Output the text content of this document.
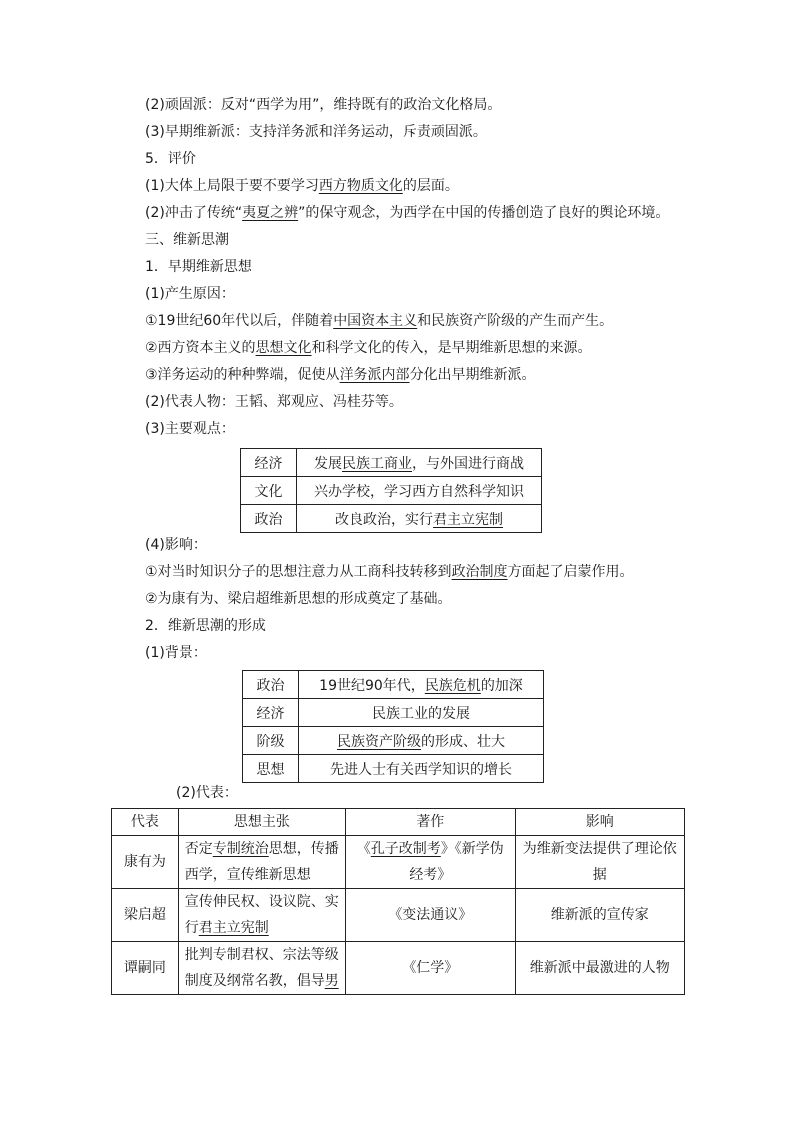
(2)顽固派：反对“西学为用”，维持既有的政治文化格局。
(3)早期维新派：支持洋务派和洋务运动，斥责顽固派。
5．评价
(1)大体上局限于要不要学习西方物质文化的层面。
(2)冲击了传统“夷夏之辨”的保守观念，为西学在中国的传播创造了良好的舆论环境。
三、维新思潮
1．早期维新思想
(1)产生原因：
①19世纪60年代以后，伴随着中国资本主义和民族资产阶级的产生而产生。
②西方资本主义的思想文化和科学文化的传入，是早期维新思想的来源。
③洋务运动的种种弊端，促使从洋务派内部分化出早期维新派。
(2)代表人物：王韬、郑观应、冯桂芬等。
(3)主要观点：
经济	发展民族工商业，与外国进行商战
文化	兴办学校，学习西方自然科学知识
政治	改良政治，实行君主立宪制
(4)影响：
①对当时知识分子的思想注意力从工商科技转移到政治制度方面起了启蒙作用。
②为康有为、梁启超维新思想的形成奠定了基础。
2．维新思潮的形成
(1)背景：
政治	19世纪90年代，民族危机的加深
经济	民族工业的发展
阶级	民族资产阶级的形成、壮大
思想	先进人士有关西学知识的增长
(2)代表：
代表	思想主张	著作	影响
康有为	否定专制统治思想，传播西学，宣传维新思想	《孔子改制考》《新学伪经考》	为维新变法提供了理论依据
梁启超	宣传伸民权、设议院、实行君主立宪制	《变法通议》	维新派的宣传家
谭嗣同	批判专制君权、宗法等级制度及纲常名教，倡导男	《仁学》	维新派中最激进的人物
